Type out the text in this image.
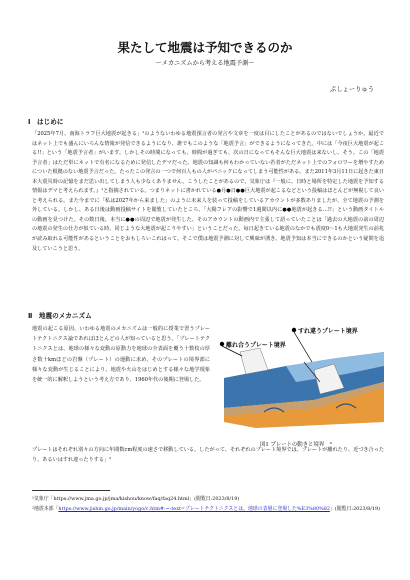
果たして地震は予知できるのか
～メカニズムから考える地震予測～
ぷしょーりゅう
Ⅰ　はじめに
「2025年7月、南海トラフ巨大地震が起きる」¹のようないわゆる地震預言者の発言や文章を一度は目にしたことがあるのではないでしょうか。最近ではネット上でも盛んにいろんな情報が発信できるようになり、誰でもこのような「地震予言」ができるようになってきた。中には「今夜巨大地震が起こる!!」という「地震予言者」がいます。しかしその時間になっても、時間が過ぎても、次の日になってもそんな巨大地震は来ないし、そう。この「地震予言者」はただ単にネットで有名になるために発信したデマだった。地震の知識も何もわかっていない若者がただネット上でのフォロワーを増やすためについた根拠のない地震予言だった。たったこの発言の一つで何百人もの人がパニックになってしまう可能性がある。また2011年3月11日に起きた東日本大震災時の記憶をまだ思い出してしまう人も少なくありません。こうしたことがあるので、気象庁は『一般に、日時と場所を特定した地震を予知する情報はデマと考えられます。』¹と指摘されている。つまりネットに書かれている●月●日●●巨大地震が起こるなどという投稿はほとんどが無視して良いと考えられる。また今までに「私は2027年から来ました」のように未来人を装って投稿をしているアカウントが多数ありましたが、全て地震の予測を外している。しかし、ある日後は動画投稿サイトを閲覧していたところ、「大陽フレアの影響で1週間以内に●●地震が起きる…!!」という動画タイトルの動画を見つけた。その数日後、本当に●●の周辺で地震が発生した。そのアカウントの動画内で主張して語っていたことは「過去の大地震の前の周辺の地震の発生の仕方が似ている時、同じような大地震が起こりやすい」ということだった。毎日起きている地震のなかでも震度0～1も大地震発生の前兆が読み取れる可能性があるということをおもしろいこれはって。そこで僕は地震予測に対して興味が湧き、地震予知は本当にできるのかという疑問を追及していこうと思う。
Ⅱ　地震のメカニズム
地震の起こる原因、いわゆる地震のメカニズムは一般的に授業で習うプレートテクトニクス論であればほとんどの人が知っていると思う。「プレートテクトニクスとは、地球の様々な変動の原動力を地球の全表面を覆う十数枚の厚さ数十kmほどの岩盤（プレート）の運動に求め、そのプレートの境界部に様々な変動が生じることにより、地震や火山をはじめとする様々な地学現象を統一的に解釈しようという考え方であり、1960年代の後期に登場した。
すれ違うプレート境界
離れ合うプレート境界
図1 プレートの動きと境界　³
プレートはそれぞれ別々の方向に年間数cm程度の速さで移動している。したがって、それぞれのプレート境界では、プレートが離れたり、近づき合ったり、あるいはすれ違ったりする」²
¹気象庁「https://www.jma.go.jp/jma/kishou/know/faq/faq24.html」(閲覧日:2023/8/19)
²地震本部「https://www.jishin.go.jp/main/yogo/c.htm#:~:text=プレートテクトニクスとは、地球の表層に登場した%E3%80%82」(閲覧日:2023/8/19)
